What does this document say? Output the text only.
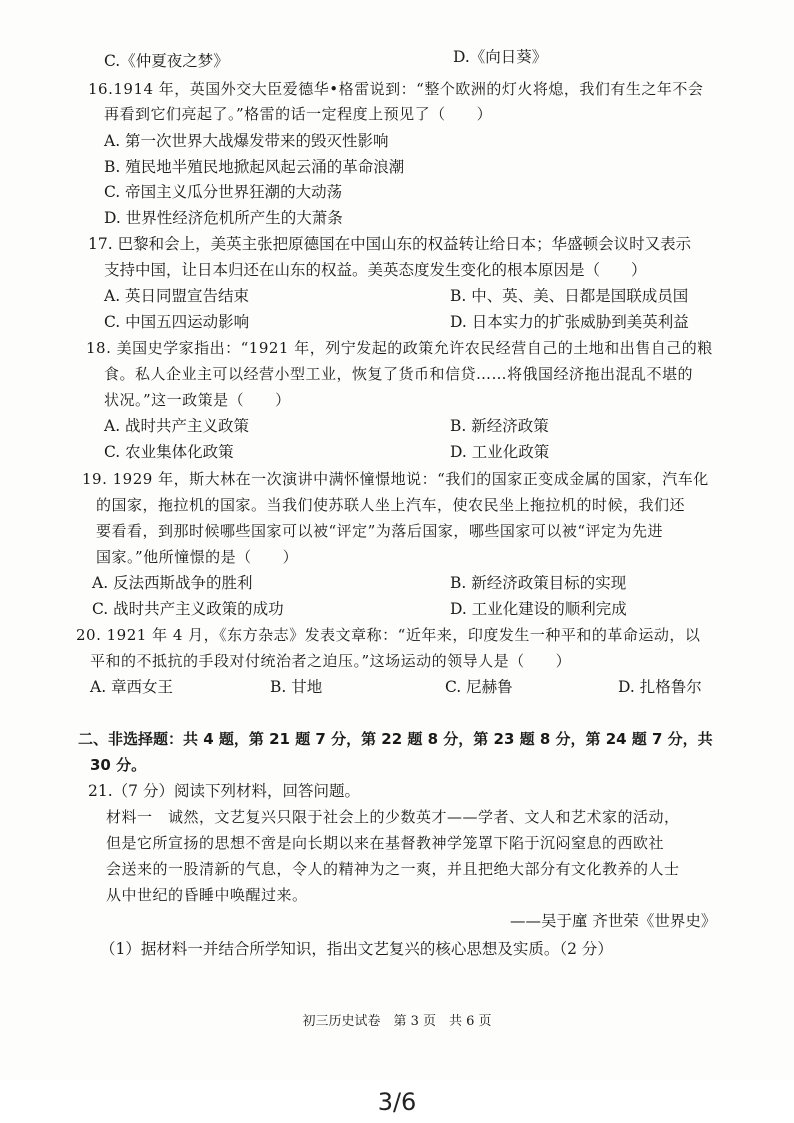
C.《仲夏夜之梦》	D.《向日葵》
16.1914 年，英国外交大臣爱德华•格雷说到：“整个欧洲的灯火将熄，我们有生之年不会
再看到它们亮起了。”格雷的话一定程度上预见了（　　）
A. 第一次世界大战爆发带来的毁灭性影响
B. 殖民地半殖民地掀起风起云涌的革命浪潮
C. 帝国主义瓜分世界狂潮的大动荡
D. 世界性经济危机所产生的大萧条
17. 巴黎和会上，美英主张把原德国在中国山东的权益转让给日本；华盛顿会议时又表示
支持中国，让日本归还在山东的权益。美英态度发生变化的根本原因是（　　）
A. 英日同盟宣告结束	B. 中、英、美、日都是国联成员国
C. 中国五四运动影响	D. 日本实力的扩张威胁到美英利益
18. 美国史学家指出：“1921 年，列宁发起的政策允许农民经营自己的土地和出售自己的粮
食。私人企业主可以经营小型工业，恢复了货币和信贷……将俄国经济拖出混乱不堪的
状况。”这一政策是（　　）
A. 战时共产主义政策	B. 新经济政策
C. 农业集体化政策	D. 工业化政策
19. 1929 年，斯大林在一次演讲中满怀憧憬地说：“我们的国家正变成金属的国家，汽车化
的国家，拖拉机的国家。当我们使苏联人坐上汽车，使农民坐上拖拉机的时候，我们还
要看看，到那时候哪些国家可以被“评定”为落后国家，哪些国家可以被“评定为先进
国家。”他所憧憬的是（　　）
A. 反法西斯战争的胜利	B. 新经济政策目标的实现
C. 战时共产主义政策的成功	D. 工业化建设的顺利完成
20. 1921 年 4 月，《东方杂志》发表文章称：“近年来，印度发生一种平和的革命运动，以
平和的不抵抗的手段对付统治者之迫压。”这场运动的领导人是（　　）
A. 章西女王	B. 甘地	C. 尼赫鲁	D. 扎格鲁尔
二、非选择题：共 4 题，第 21 题 7 分，第 22 题 8 分，第 23 题 8 分，第 24 题 7 分，共
30 分。
21.（7 分）阅读下列材料，回答问题。
材料一　诚然，文艺复兴只限于社会上的少数英才——学者、文人和艺术家的活动，
但是它所宣扬的思想不啻是向长期以来在基督教神学笼罩下陷于沉闷窒息的西欧社
会送来的一股清新的气息，令人的精神为之一爽，并且把绝大部分有文化教养的人士
从中世纪的昏睡中唤醒过来。
——吴于廑 齐世荣《世界史》
（1）据材料一并结合所学知识，指出文艺复兴的核心思想及实质。（2 分）
初三历史试卷　第 3 页　共 6 页
3/6
